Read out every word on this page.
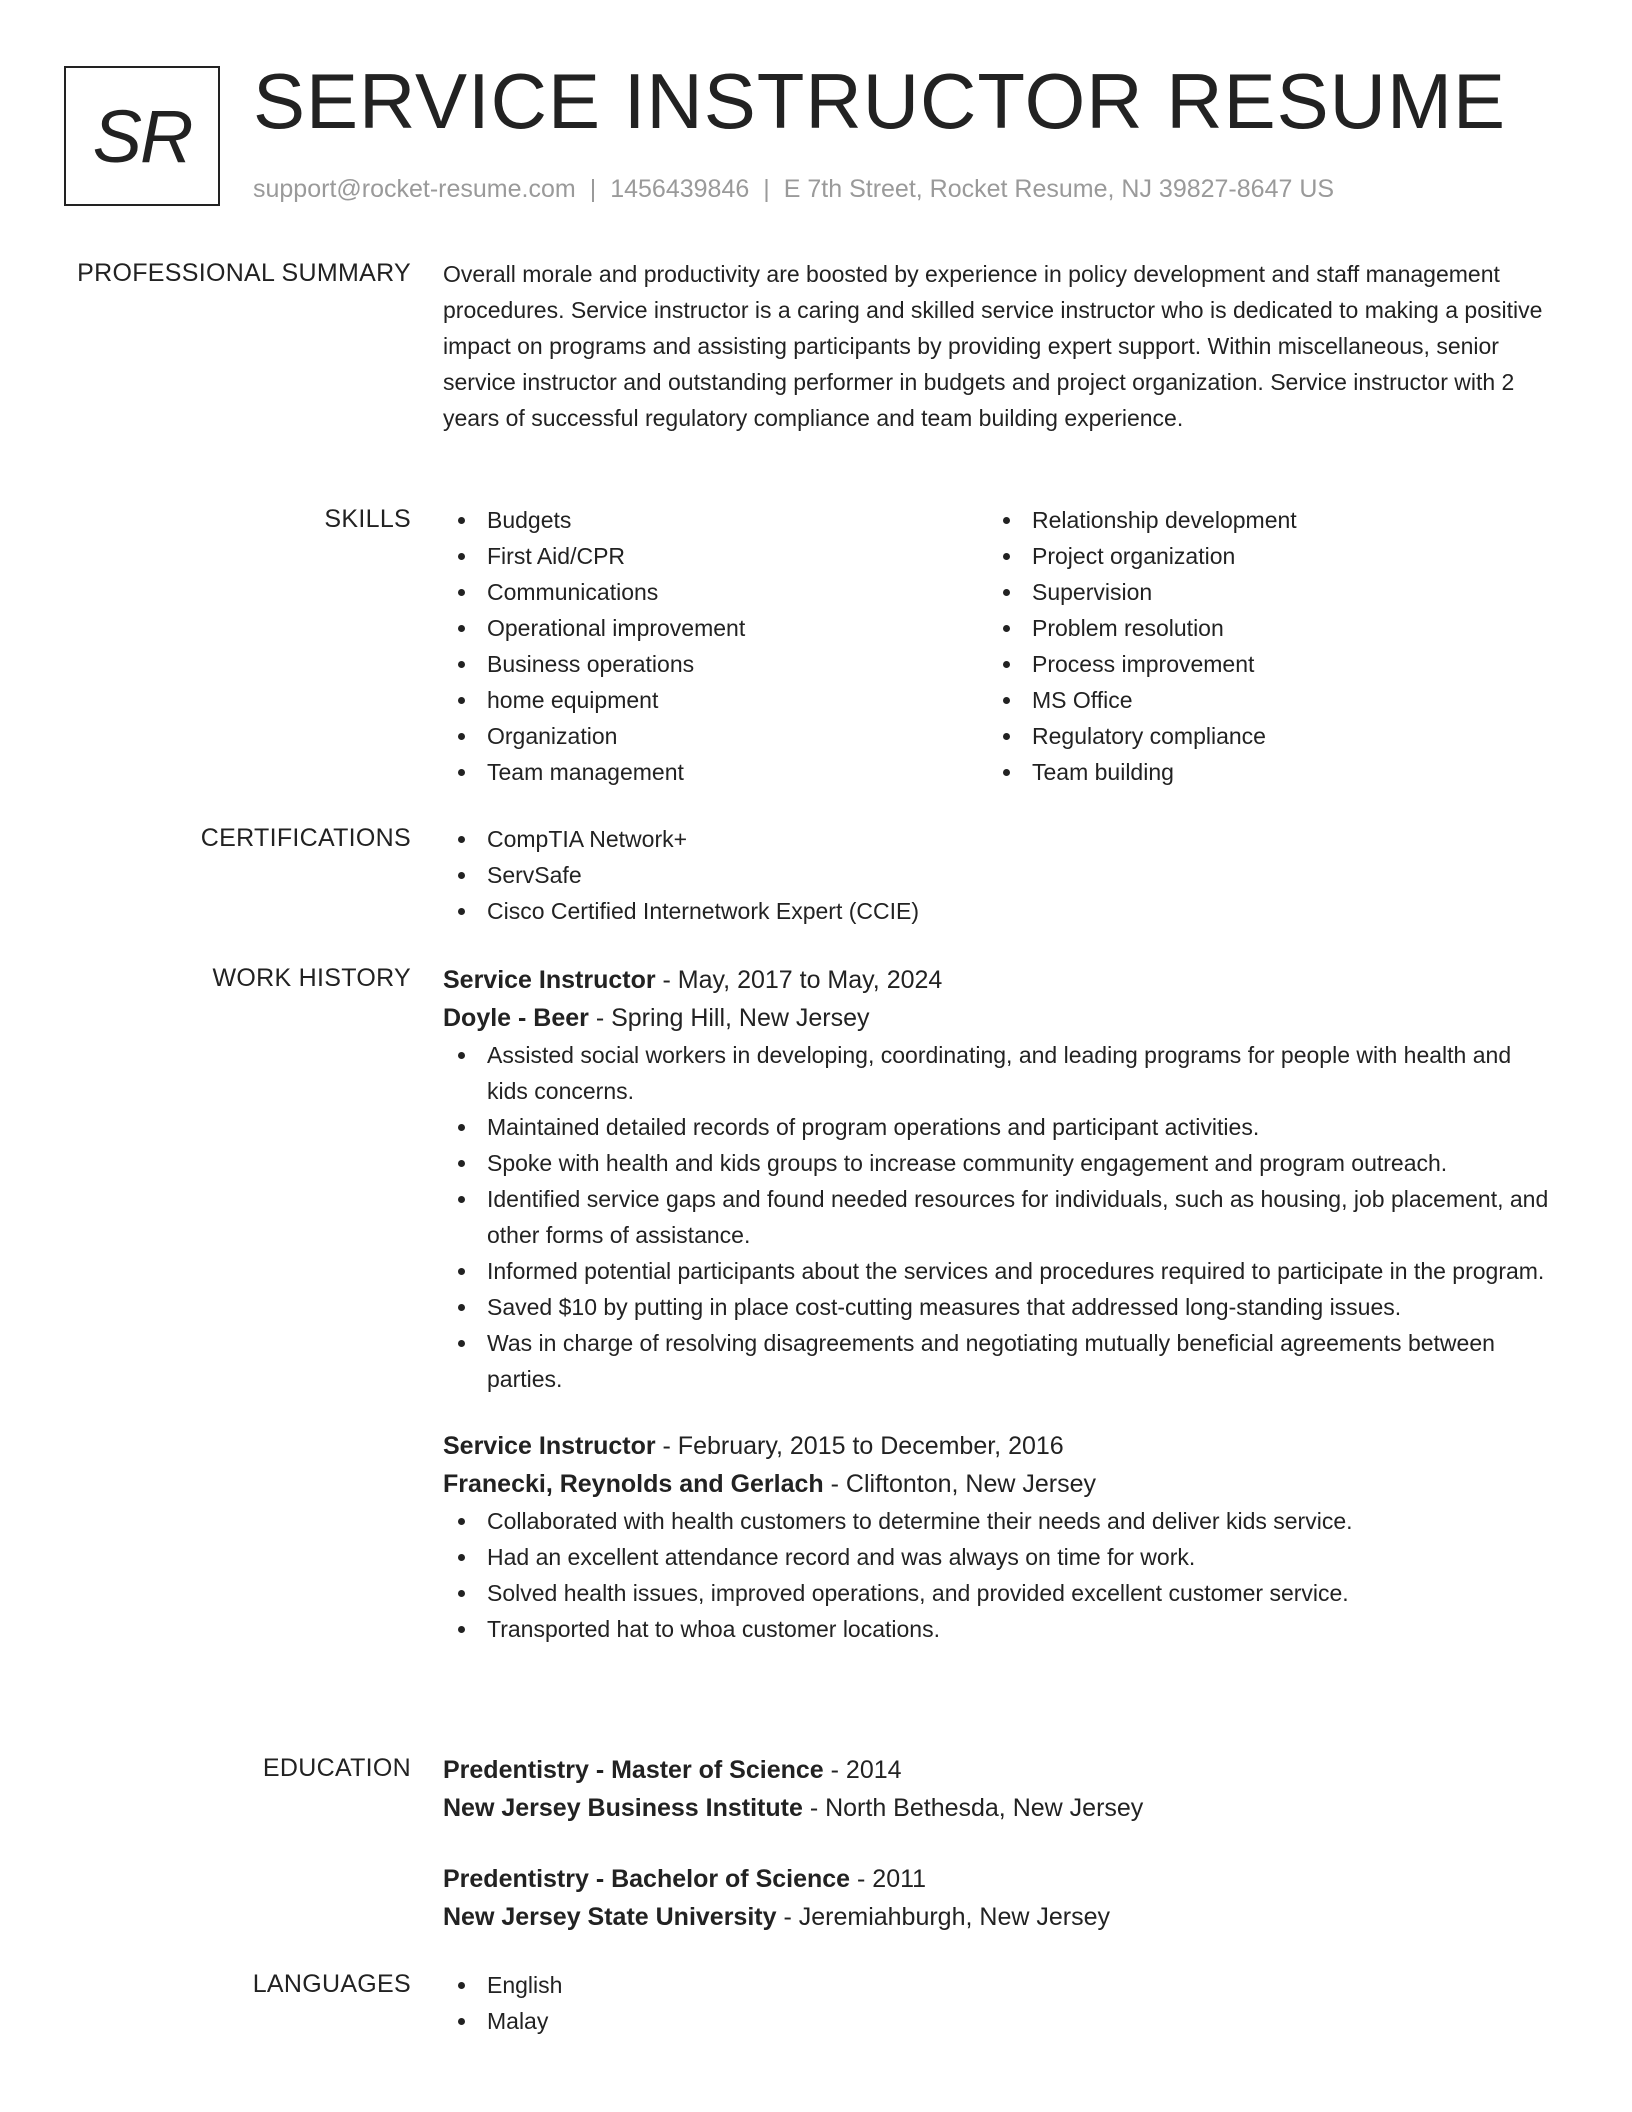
SR SERVICE INSTRUCTOR RESUME
support@rocket-resume.com | 1456439846 | E 7th Street, Rocket Resume, NJ 39827-8647 US
PROFESSIONAL SUMMARY Overall morale and productivity are boosted by experience in policy development and staff management procedures. Service instructor is a caring and skilled service instructor who is dedicated to making a positive impact on programs and assisting participants by providing expert support. Within miscellaneous, senior service instructor and outstanding performer in budgets and project organization. Service instructor with 2 years of successful regulatory compliance and team building experience.

SKILLS	Budgets
First Aid/CPR
Communications
Operational improvement
Business operations
home equipment
Organization
Team management
Relationship development
Project organization
Supervision
Problem resolution
Process improvement
MS Office
Regulatory compliance
Team building
CERTIFICATIONS	CompTIA Network+
ServSafe
Cisco Certified Internetwork Expert (CCIE)
WORK HISTORY Service Instructor - May, 2017 to May, 2024
Doyle - Beer - Spring Hill, New Jersey
Assisted social workers in developing, coordinating, and leading programs for people with health and kids concerns.
Maintained detailed records of program operations and participant activities.
Spoke with health and kids groups to increase community engagement and program outreach.
Identified service gaps and found needed resources for individuals, such as housing, job placement, and other forms of assistance.
Informed potential participants about the services and procedures required to participate in the program.
Saved $10 by putting in place cost-cutting measures that addressed long-standing issues.
Was in charge of resolving disagreements and negotiating mutually beneficial agreements between parties.
Service Instructor - February, 2015 to December, 2016
Franecki, Reynolds and Gerlach - Cliftonton, New Jersey
Collaborated with health customers to determine their needs and deliver kids service.
Had an excellent attendance record and was always on time for work.
Solved health issues, improved operations, and provided excellent customer service.
Transported hat to whoa customer locations.
EDUCATION Predentistry - Master of Science - 2014
New Jersey Business Institute - North Bethesda, New Jersey
Predentistry - Bachelor of Science - 2011
New Jersey State University - Jeremiahburgh, New Jersey
LANGUAGES	English
Malay
